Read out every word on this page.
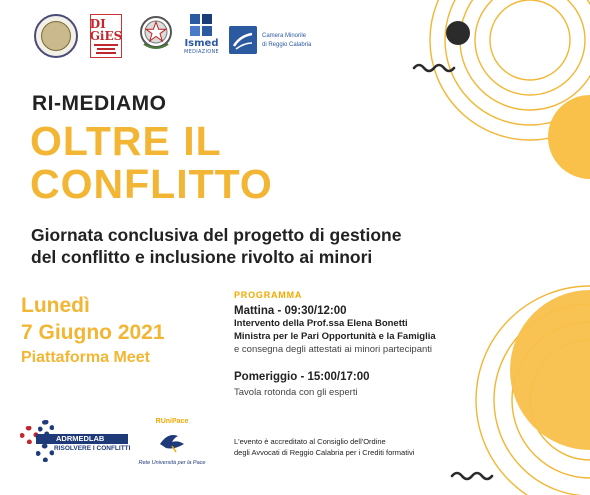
DI GiES
Ismed
MEDIAZIONE
Camera Minorile
di Reggio Calabria
RI-MEDIAMO
OLTRE IL
CONFLITTO
Giornata conclusiva del progetto di gestione
del conflitto e inclusione rivolto ai minori
Lunedì
7 Giugno 2021
Piattaforma Meet
PROGRAMMA
Mattina - 09:30/12:00
Intervento della Prof.ssa Elena Bonetti
Ministra per le Pari Opportunità e la Famiglia
e consegna degli attestati ai minori partecipanti
Pomeriggio - 15:00/17:00
Tavola rotonda con gli esperti
ADRMEDLAB
RISOLVERE I CONFLITTI
RUniPace
Rete Università per la Pace
L'evento è accreditato al Consiglio dell'Ordine
degli Avvocati di Reggio Calabria per i Crediti formativi
